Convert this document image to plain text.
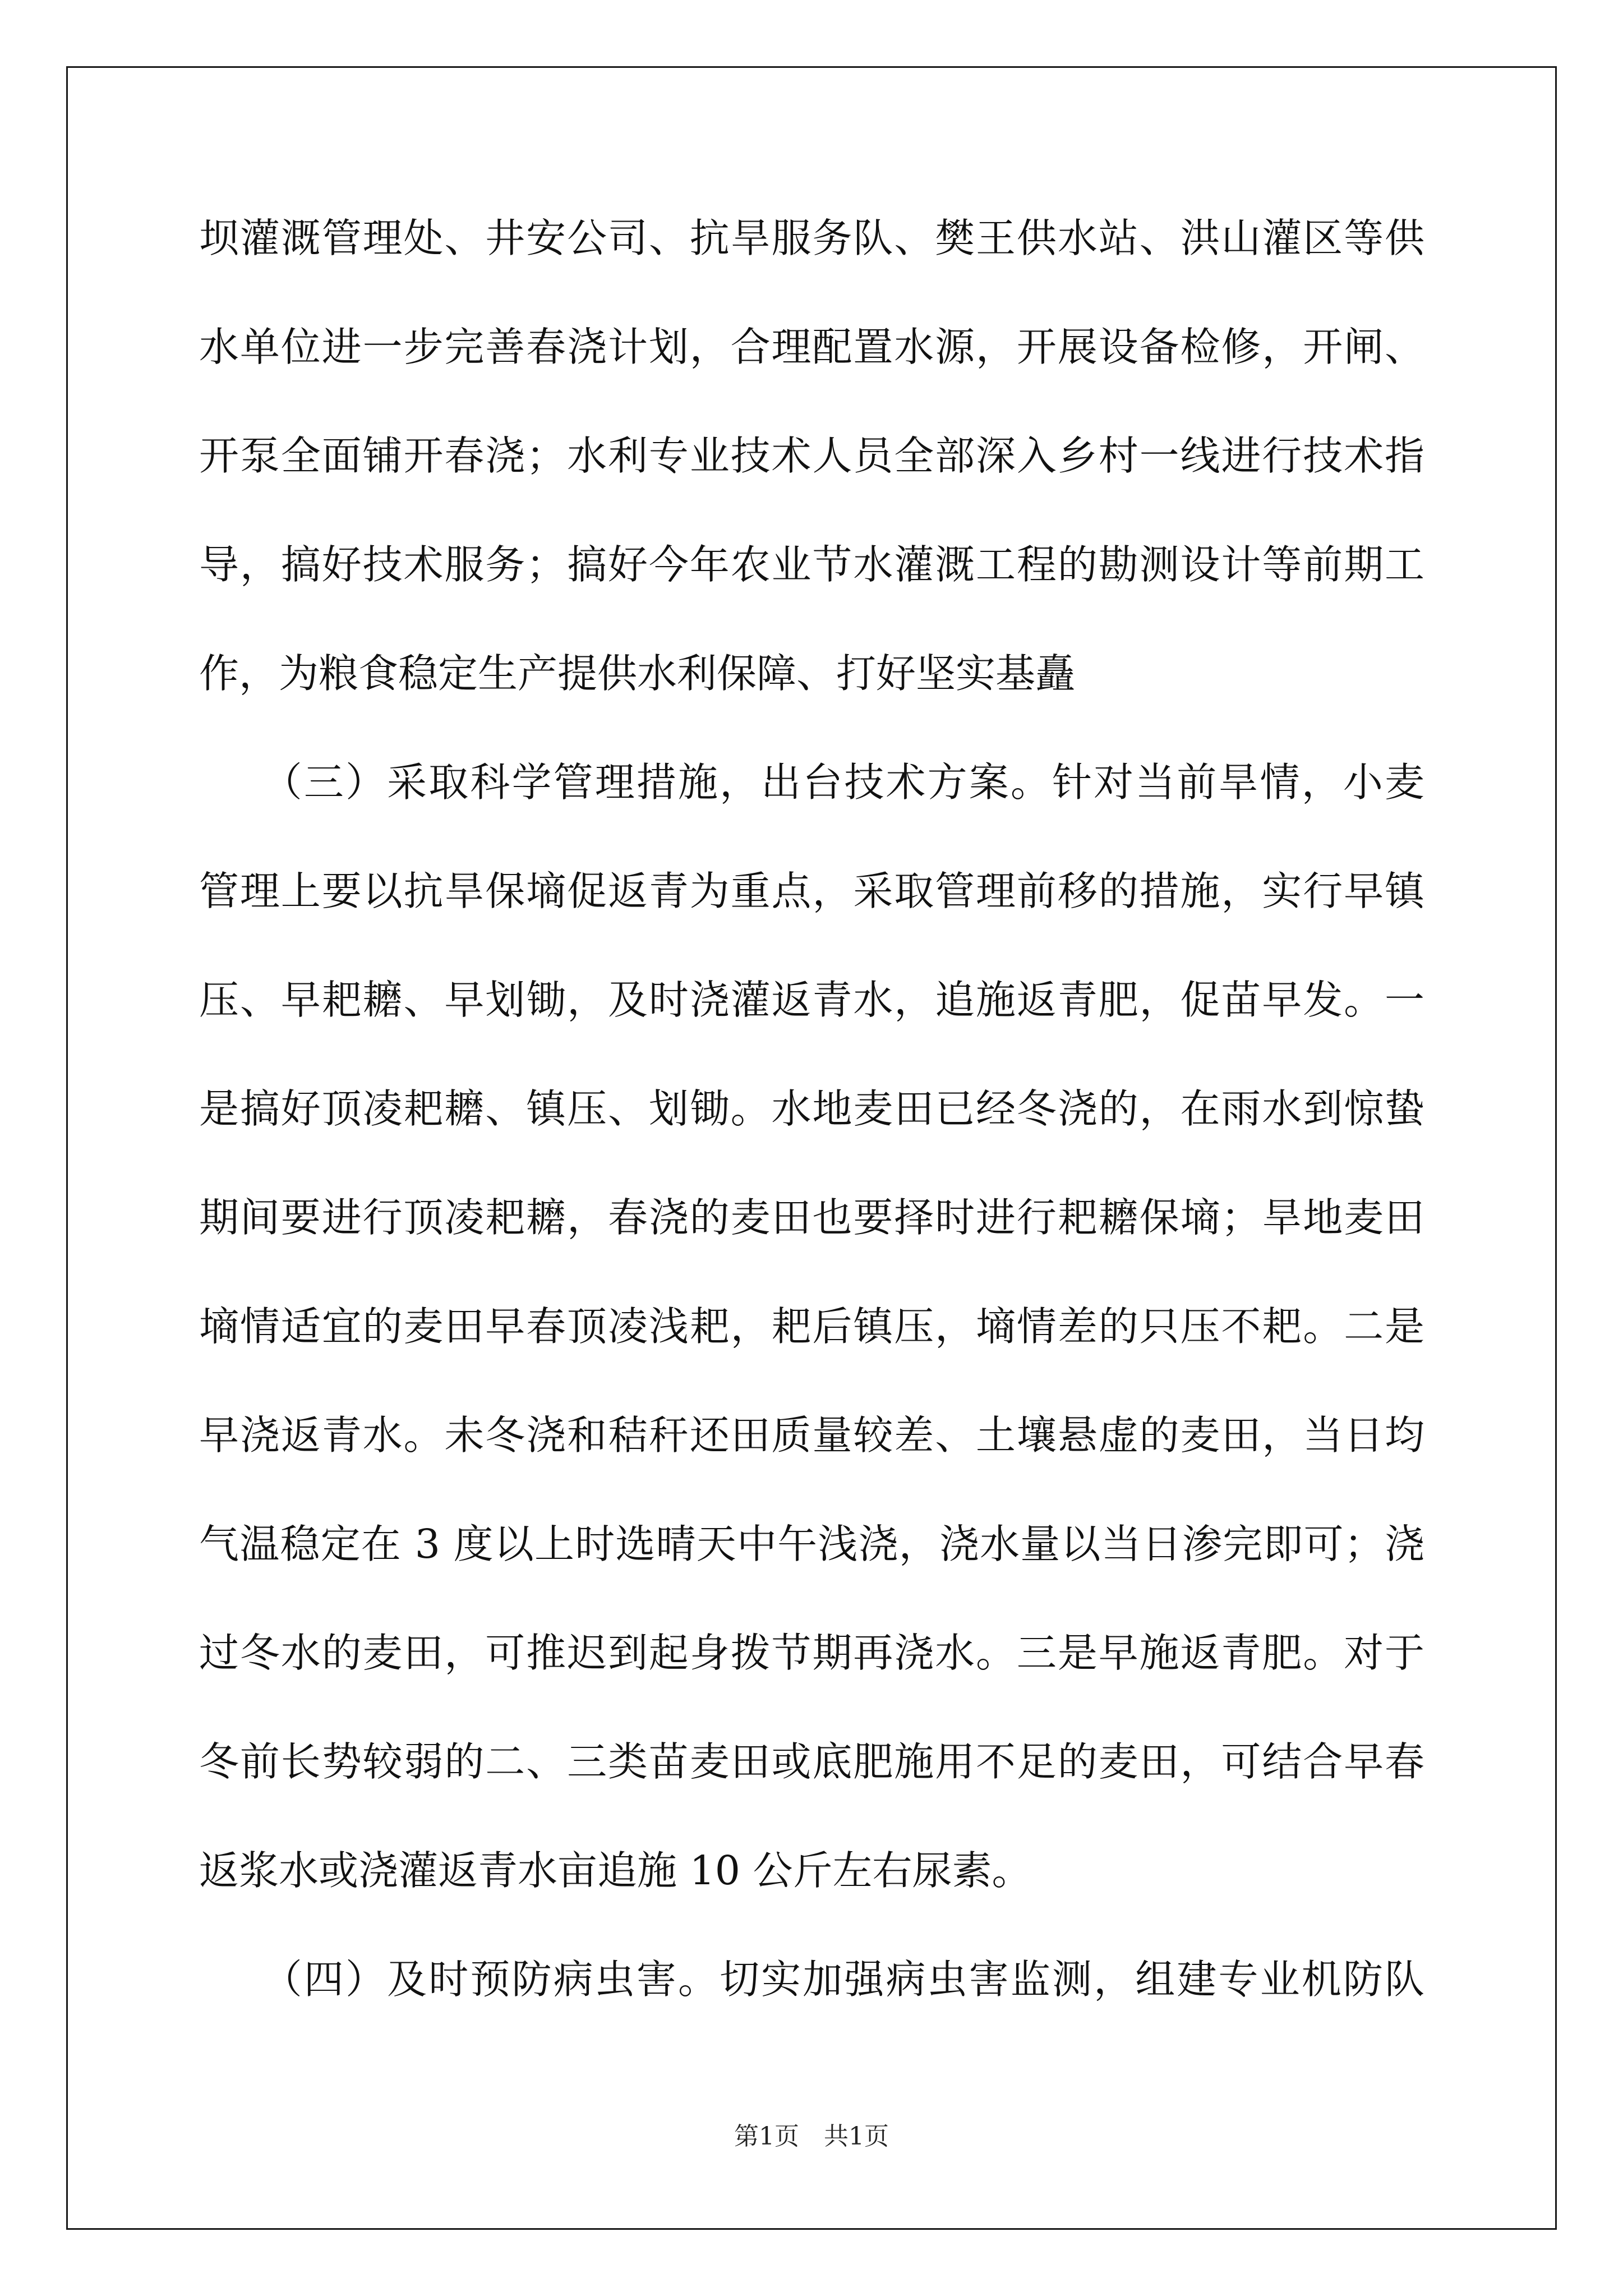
坝灌溉管理处、井安公司、抗旱服务队、樊王供水站、洪山灌区等供
水单位进一步完善春浇计划，合理配置水源，开展设备检修，开闸、
开泵全面铺开春浇；水利专业技术人员全部深入乡村一线进行技术指
导，搞好技术服务；搞好今年农业节水灌溉工程的勘测设计等前期工
作，为粮食稳定生产提供水利保障、打好坚实基矗
　　（三）采取科学管理措施，出台技术方案。针对当前旱情，小麦
管理上要以抗旱保墒促返青为重点，采取管理前移的措施，实行早镇
压、早耙耱、早划锄，及时浇灌返青水，追施返青肥，促苗早发。一
是搞好顶凌耙耱、镇压、划锄。水地麦田已经冬浇的，在雨水到惊蛰
期间要进行顶凌耙耱，春浇的麦田也要择时进行耙耱保墒；旱地麦田
墒情适宜的麦田早春顶凌浅耙，耙后镇压，墒情差的只压不耙。二是
早浇返青水。未冬浇和秸秆还田质量较差、土壤悬虚的麦田，当日均
气温稳定在 3 度以上时选晴天中午浅浇，浇水量以当日渗完即可；浇
过冬水的麦田，可推迟到起身拨节期再浇水。三是早施返青肥。对于
冬前长势较弱的二、三类苗麦田或底肥施用不足的麦田，可结合早春
返浆水或浇灌返青水亩追施 10 公斤左右尿素。
　　（四）及时预防病虫害。切实加强病虫害监测，组建专业机防队
第1页　共1页
